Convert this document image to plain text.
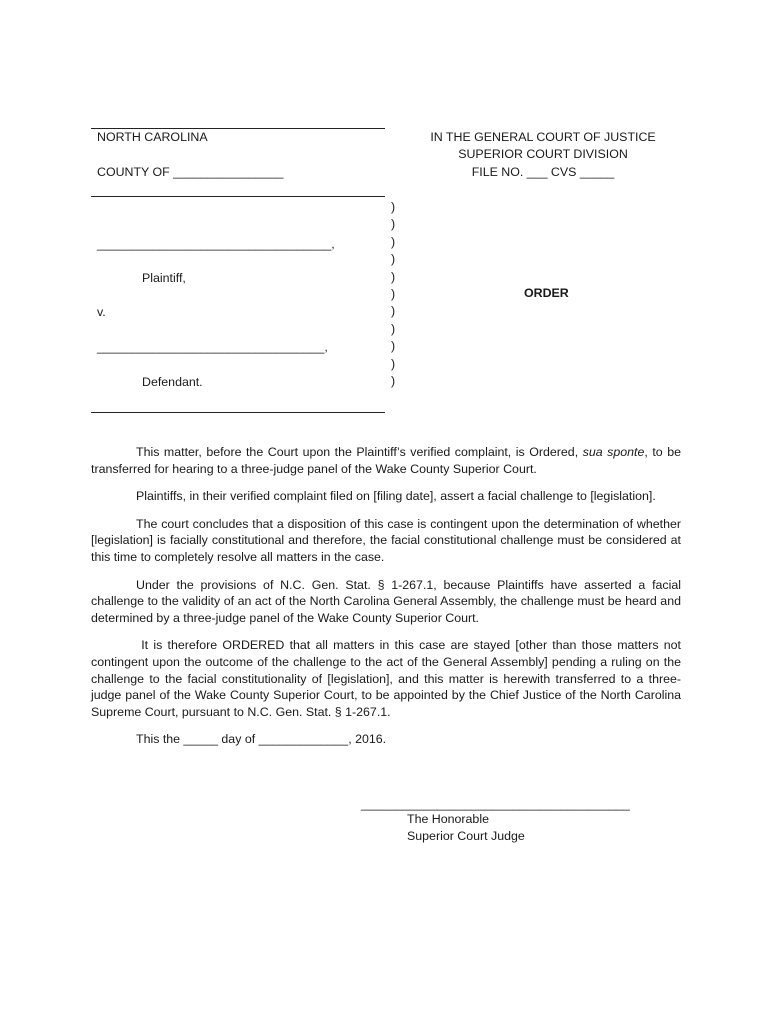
NORTH CAROLINA
COUNTY OF ________________
__________________________________,
Plaintiff,
v.
_________________________________,
Defendant.
)
)
)
)
)
)
)
)
)
)
)
IN THE GENERAL COURT OF JUSTICE
SUPERIOR COURT DIVISION
FILE NO. ___ CVS _____
ORDER

This matter, before the Court upon the Plaintiff’s verified complaint, is Ordered, sua sponte, to be transferred for hearing to a three-judge panel of the Wake County Superior Court.

Plaintiffs, in their verified complaint filed on [filing date], assert a facial challenge to [legislation].

The court concludes that a disposition of this case is contingent upon the determination of whether [legislation] is facially constitutional and therefore, the facial constitutional challenge must be considered at this time to completely resolve all matters in the case.

Under the provisions of N.C. Gen. Stat. § 1-267.1, because Plaintiffs have asserted a facial challenge to the validity of an act of the North Carolina General Assembly, the challenge must be heard and determined by a three-judge panel of the Wake County Superior Court.

It is therefore ORDERED that all matters in this case are stayed [other than those matters not contingent upon the outcome of the challenge to the act of the General Assembly] pending a ruling on the challenge to the facial constitutionality of [legislation], and this matter is herewith transferred to a three-judge panel of the Wake County Superior Court, to be appointed by the Chief Justice of the North Carolina Supreme Court, pursuant to N.C. Gen. Stat. § 1-267.1.

This the _____ day of _____________, 2016.

_______________________________________
The Honorable
Superior Court Judge
